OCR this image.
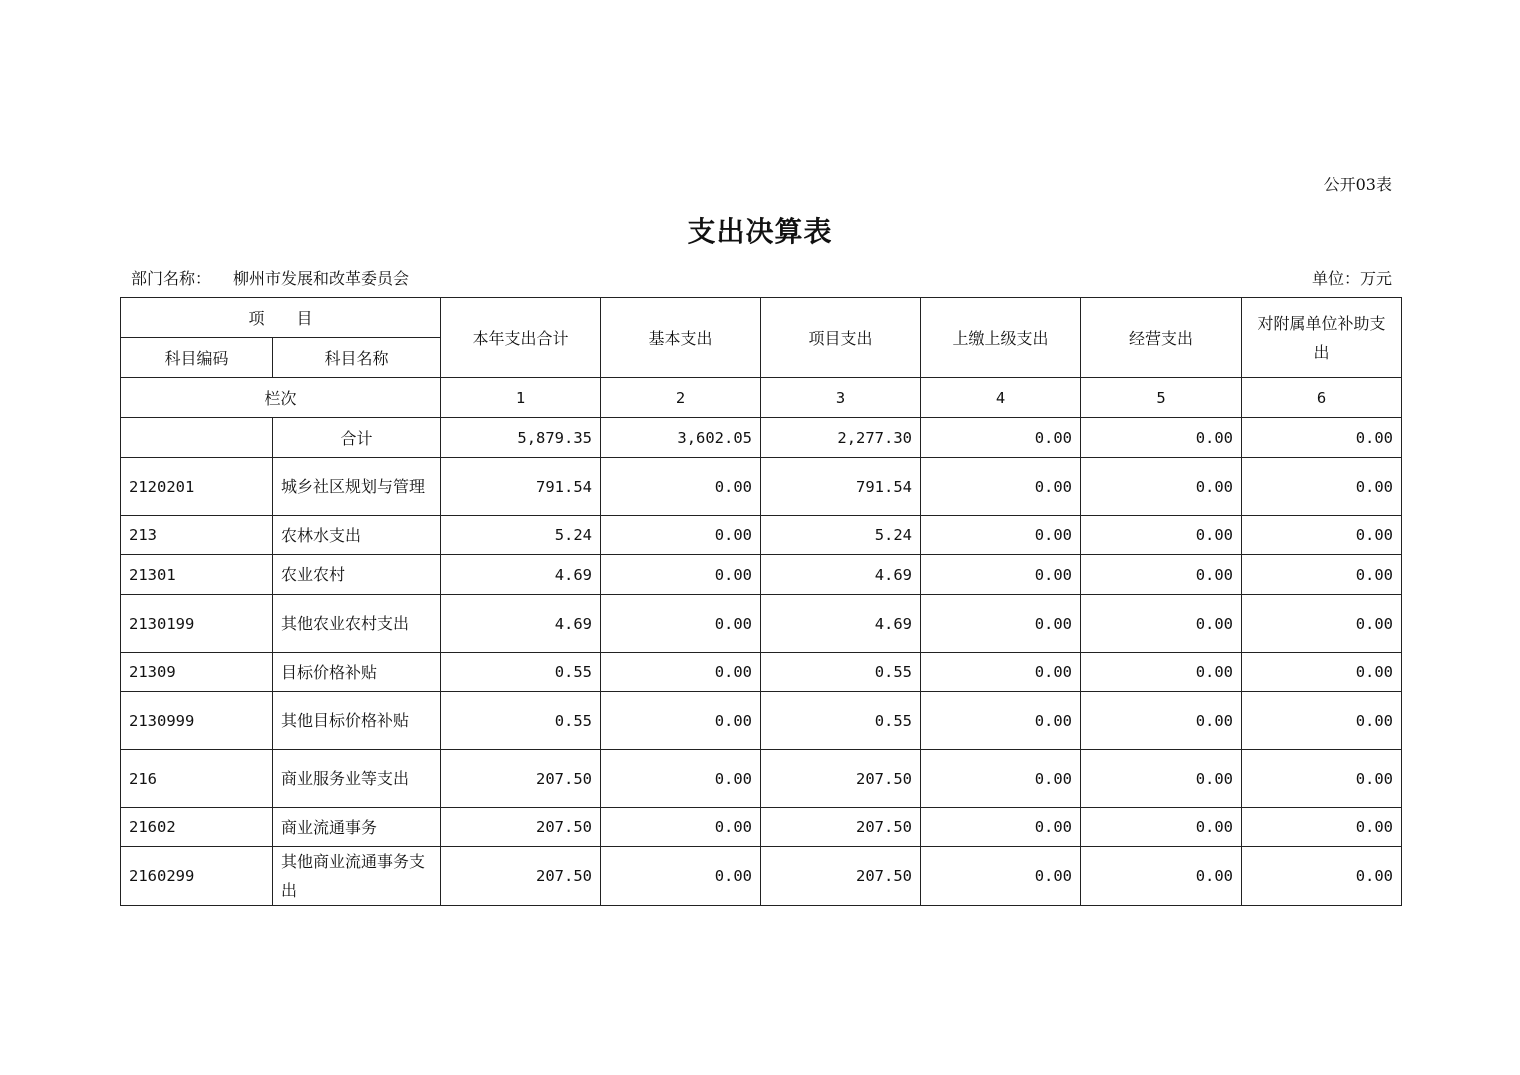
公开03表
支出决算表
部门名称： 柳州市发展和改革委员会	单位：万元
项　　目		本年支出合计	基本支出	项目支出	上缴上级支出	经营支出	对附属单位补助支出
科目编码	科目名称						
栏次		1	2	3	4	5	6
	合计	5,879.35	3,602.05	2,277.30	0.00	0.00	0.00
2120201	城乡社区规划与管理	791.54	0.00	791.54	0.00	0.00	0.00
213	农林水支出	5.24	0.00	5.24	0.00	0.00	0.00
21301	农业农村	4.69	0.00	4.69	0.00	0.00	0.00
2130199	其他农业农村支出	4.69	0.00	4.69	0.00	0.00	0.00
21309	目标价格补贴	0.55	0.00	0.55	0.00	0.00	0.00
2130999	其他目标价格补贴	0.55	0.00	0.55	0.00	0.00	0.00
216	商业服务业等支出	207.50	0.00	207.50	0.00	0.00	0.00
21602	商业流通事务	207.50	0.00	207.50	0.00	0.00	0.00
2160299	其他商业流通事务支出	207.50	0.00	207.50	0.00	0.00	0.00
